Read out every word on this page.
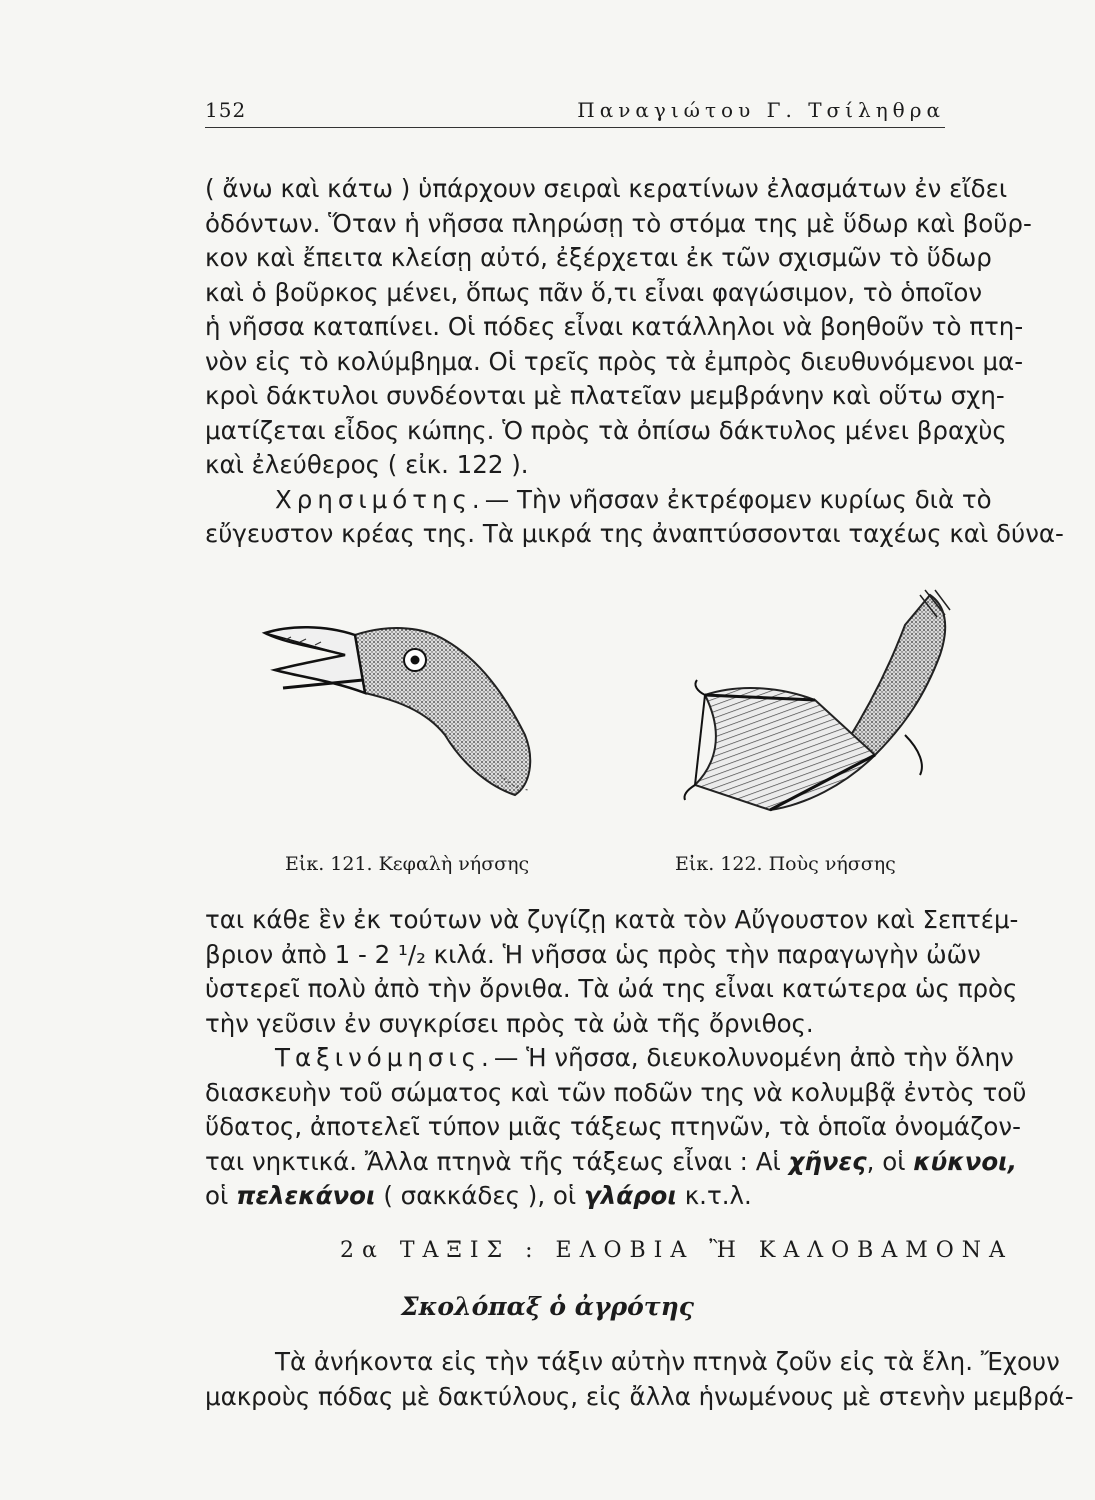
152	Παναγιώτου Γ. Τσίληθρα
( ἄνω καὶ κάτω ) ὑπάρχουν σειραὶ κερατίνων ἐλασμάτων ἐν εἴδει
ὀδόντων. Ὅταν ἡ νῆσσα πληρώσῃ τὸ στόμα της μὲ ὕδωρ καὶ βοῦρ-
κον καὶ ἔπειτα κλείσῃ αὐτό, ἐξέρχεται ἐκ τῶν σχισμῶν τὸ ὕδωρ
καὶ ὁ βοῦρκος μένει, ὅπως πᾶν ὅ,τι εἶναι φαγώσιμον, τὸ ὁποῖον
ἡ νῆσσα καταπίνει. Οἱ πόδες εἶναι κατάλληλοι νὰ βοηθοῦν τὸ πτη-
νὸν εἰς τὸ κολύμβημα. Οἱ τρεῖς πρὸς τὰ ἐμπρὸς διευθυνόμενοι μα-
κροὶ δάκτυλοι συνδέονται μὲ πλατεῖαν μεμβράνην καὶ οὕτω σχη-
ματίζεται εἶδος κώπης. Ὁ πρὸς τὰ ὀπίσω δάκτυλος μένει βραχὺς
καὶ ἐλεύθερος ( εἰκ. 122 ).
Χρησιμότης.— Τὴν νῆσσαν ἐκτρέφομεν κυρίως διὰ τὸ
εὔγευστον κρέας της. Τὰ μικρά της ἀναπτύσσονται ταχέως καὶ δύνα-
Εἰκ. 121. Κεφαλὴ νήσσης	Εἰκ. 122. Ποὺς νήσσης
ται κάθε ἓν ἐκ τούτων νὰ ζυγίζῃ κατὰ τὸν Αὔγουστον καὶ Σεπτέμ-
βριον ἀπὸ 1 - 2 ¹/₂ κιλά. Ἡ νῆσσα ὡς πρὸς τὴν παραγωγὴν ὠῶν
ὑστερεῖ πολὺ ἀπὸ τὴν ὄρνιθα. Τὰ ὠά της εἶναι κατώτερα ὡς πρὸς
τὴν γεῦσιν ἐν συγκρίσει πρὸς τὰ ὠὰ τῆς ὄρνιθος.
Ταξινόμησις.— Ἡ νῆσσα, διευκολυνομένη ἀπὸ τὴν ὅλην
διασκευὴν τοῦ σώματος καὶ τῶν ποδῶν της νὰ κολυμβᾷ ἐντὸς τοῦ
ὕδατος, ἀποτελεῖ τύπον μιᾶς τάξεως πτηνῶν, τὰ ὁποῖα ὀνομάζον-
ται νηκτικά. Ἄλλα πτηνὰ τῆς τάξεως εἶναι : Αἱ χῆνες, οἱ κύκνοι,
οἱ πελεκάνοι ( σακκάδες ), οἱ γλάροι κ.τ.λ.
2α ΤΑΞΙΣ : ΕΛΟΒΙΑ Ἢ ΚΑΛΟΒΑΜΟΝΑ
Σκολόπαξ ὁ ἀγρότης
Τὰ ἀνήκοντα εἰς τὴν τάξιν αὐτὴν πτηνὰ ζοῦν εἰς τὰ ἕλη. Ἔχουν
μακροὺς πόδας μὲ δακτύλους, εἰς ἄλλα ἡνωμένους μὲ στενὴν μεμβρά-
